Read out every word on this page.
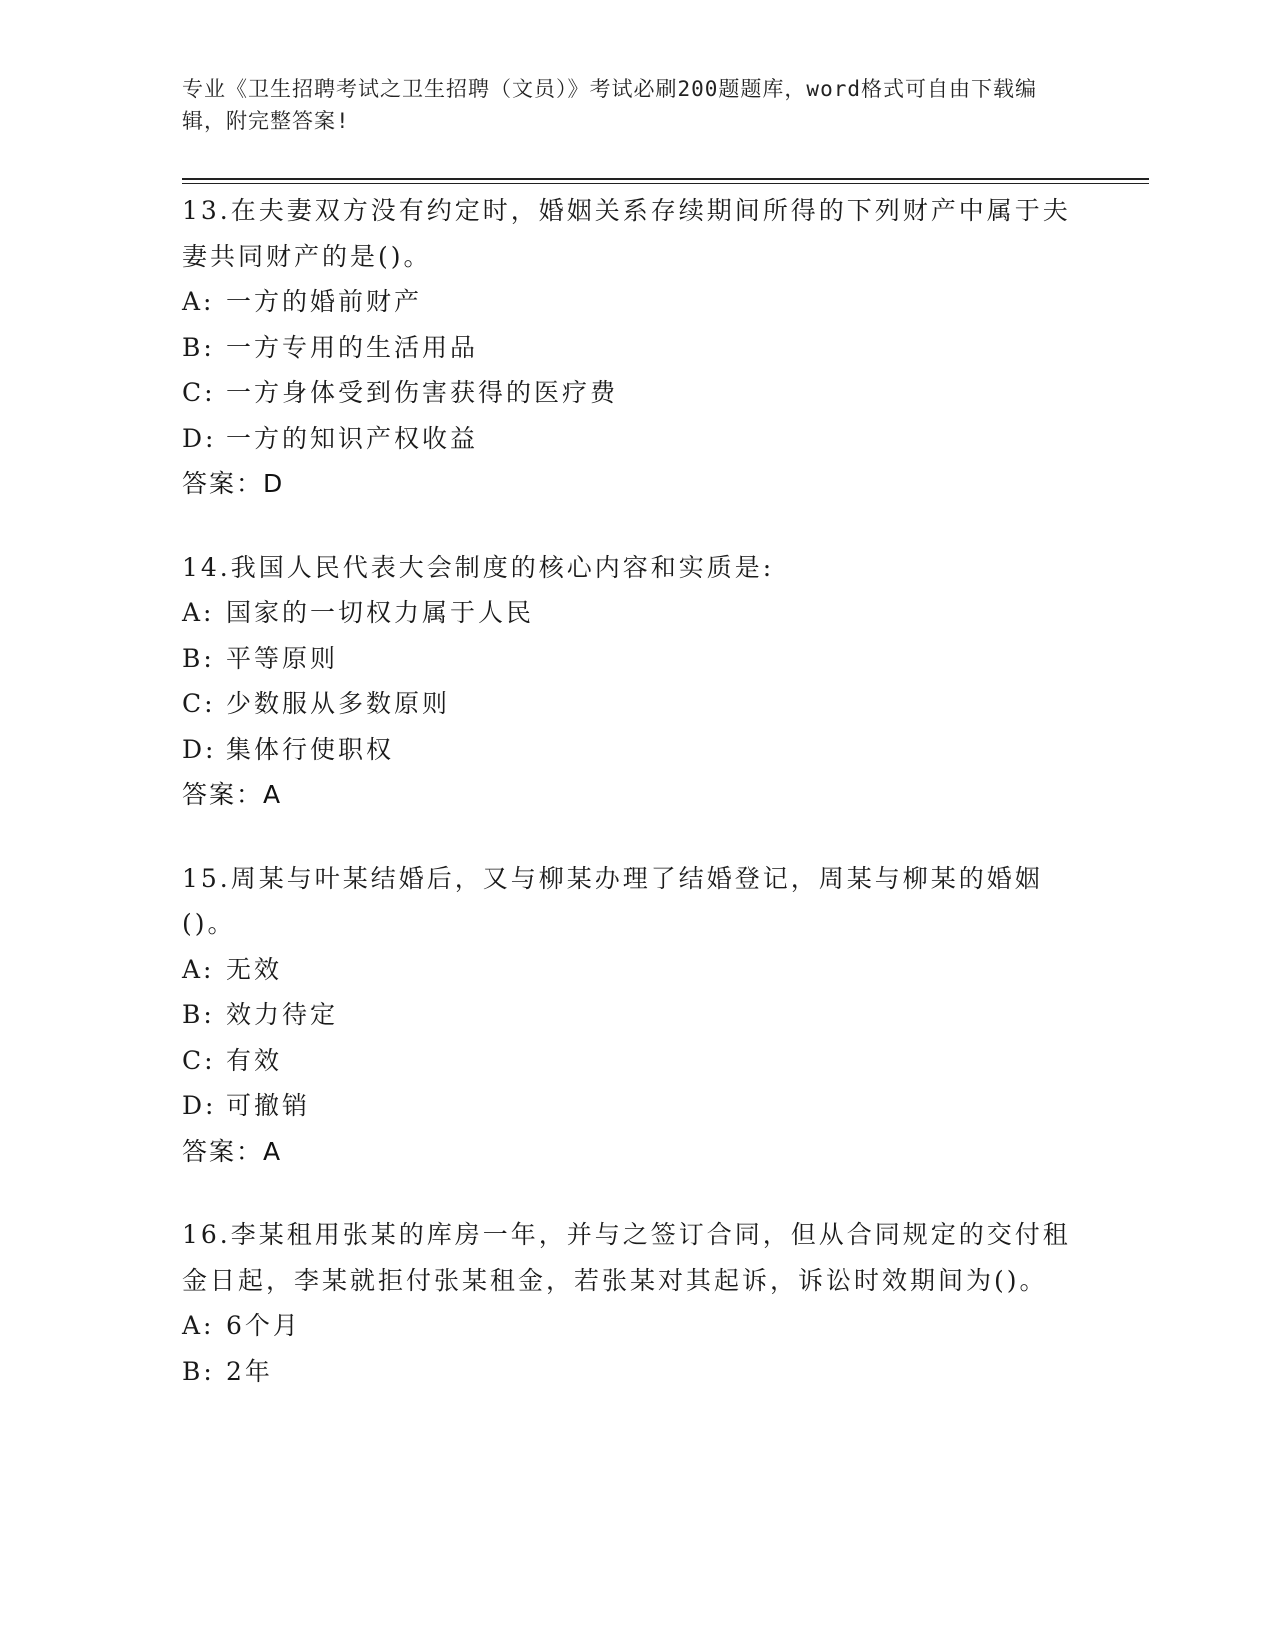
专业《卫生招聘考试之卫生招聘（文员）》考试必刷200题题库，word格式可自由下载编辑，附完整答案!
13.在夫妻双方没有约定时，婚姻关系存续期间所得的下列财产中属于夫妻共同财产的是()。
A: 一方的婚前财产
B: 一方专用的生活用品
C: 一方身体受到伤害获得的医疗费
D: 一方的知识产权收益
答案：D
14.我国人民代表大会制度的核心内容和实质是:
A: 国家的一切权力属于人民
B: 平等原则
C: 少数服从多数原则
D: 集体行使职权
答案：A
15.周某与叶某结婚后，又与柳某办理了结婚登记，周某与柳某的婚姻()。
A: 无效
B: 效力待定
C: 有效
D: 可撤销
答案：A
16.李某租用张某的库房一年，并与之签订合同，但从合同规定的交付租金日起，李某就拒付张某租金，若张某对其起诉，诉讼时效期间为()。
A: 6个月
B: 2年
